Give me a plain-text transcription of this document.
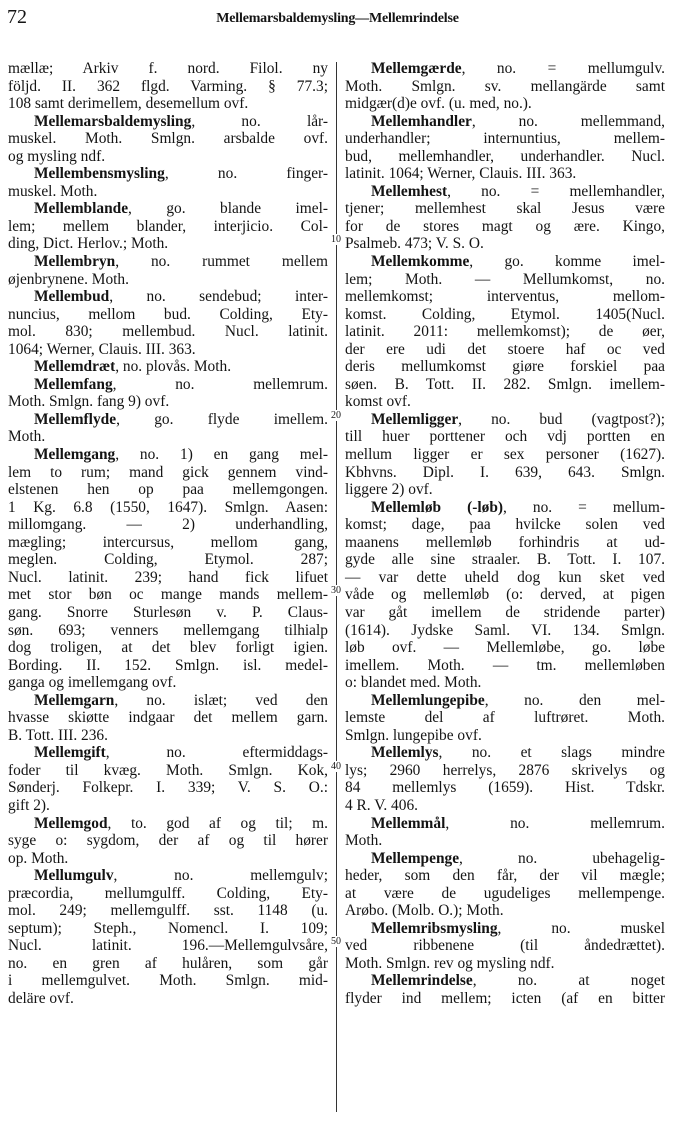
72	Mellemarsbaldemysling—Mellemrindelse
10
20
30
40
50
mællæ; Arkiv f. nord. Filol. ny
följd. II. 362 flgd. Varming. § 77.3;
108 samt derimellem, desemellum ovf.
Mellemarsbaldemysling, no. lår-
muskel. Moth. Smlgn. arsbalde ovf.
og mysling ndf.
Mellembensmysling, no. finger-
muskel. Moth.
Mellemblande, go. blande imel-
lem; mellem blander, interjicio. Col-
ding, Dict. Herlov.; Moth.
Mellembryn, no. rummet mellem
øjenbrynene. Moth.
Mellembud, no. sendebud; inter-
nuncius, mellom bud. Colding, Ety-
mol. 830; mellembud. Nucl. latinit.
1064; Werner, Clauis. III. 363.
Mellemdræt, no. plovås. Moth.
Mellemfang, no. mellemrum.
Moth. Smlgn. fang 9) ovf.
Mellemflyde, go. flyde imellem.
Moth.
Mellemgang, no. 1) en gang mel-
lem to rum; mand gick gennem vind-
elstenen hen op paa mellemgongen.
1 Kg. 6.8 (1550, 1647). Smlgn. Aasen:
millomgang. — 2) underhandling,
mægling; intercursus, mellom gang,
meglen. Colding, Etymol. 287;
Nucl. latinit. 239; hand fick lifuet
met stor bøn oc mange mands mellem-
gang. Snorre Sturlesøn v. P. Claus-
søn. 693; venners mellemgang tilhialp
dog troligen, at det blev forligt igien.
Bording. II. 152. Smlgn. isl. medel-
ganga og imellemgang ovf.
Mellemgarn, no. islæt; ved den
hvasse skiøtte indgaar det mellem garn.
B. Tott. III. 236.
Mellemgift, no. eftermiddags-
foder til kvæg. Moth. Smlgn. Kok,
Sønderj. Folkepr. I. 339; V. S. O.:
gift 2).
Mellemgod, to. god af og til; m.
syge o: sygdom, der af og til hører
op. Moth.
Mellumgulv, no. mellemgulv;
præcordia, mellumgulff. Colding, Ety-
mol. 249; mellemgulff. sst. 1148 (u.
septum); Steph., Nomencl. I. 109;
Nucl. latinit. 196.—Mellemgulvsåre,
no. en gren af hulåren, som går
i mellemgulvet. Moth. Smlgn. mid-
deläre ovf.
Mellemgærde, no. = mellumgulv.
Moth. Smlgn. sv. mellangärde samt
midgær(d)e ovf. (u. med, no.).
Mellemhandler, no. mellemmand,
underhandler; internuntius, mellem-
bud, mellemhandler, underhandler. Nucl.
latinit. 1064; Werner, Clauis. III. 363.
Mellemhest, no. = mellemhandler,
tjener; mellemhest skal Jesus være
for de stores magt og ære. Kingo,
Psalmeb. 473; V. S. O.
Mellemkomme, go. komme imel-
lem; Moth. — Mellumkomst, no.
mellemkomst; interventus, mellom-
komst. Colding, Etymol. 1405(Nucl.
latinit. 2011: mellemkomst); de øer,
der ere udi det stoere haf oc ved
deris mellumkomst giøre forskiel paa
søen. B. Tott. II. 282. Smlgn. imellem-
komst ovf.
Mellemligger, no. bud (vagtpost?);
till huer porttener och vdj portten en
mellum ligger er sex personer (1627).
Kbhvns. Dipl. I. 639, 643. Smlgn.
liggere 2) ovf.
Mellemløb (-løb), no. = mellum-
komst; dage, paa hvilcke solen ved
maanens mellemløb forhindris at ud-
gyde alle sine straaler. B. Tott. I. 107.
— var dette uheld dog kun sket ved
våde og mellemløb (o: derved, at pigen
var gåt imellem de stridende parter)
(1614). Jydske Saml. VI. 134. Smlgn.
løb ovf. — Mellemløbe, go. løbe
imellem. Moth. — tm. mellemløben
o: blandet med. Moth.
Mellemlungepibe, no. den mel-
lemste del af luftrøret. Moth.
Smlgn. lungepibe ovf.
Mellemlys, no. et slags mindre
lys; 2960 herrelys, 2876 skrivelys og
84 mellemlys (1659). Hist. Tdskr.
4 R. V. 406.
Mellemmål, no. mellemrum.
Moth.
Mellempenge, no. ubehagelig-
heder, som den får, der vil mægle;
at være de ugudeliges mellempenge.
Arøbo. (Molb. O.); Moth.
Mellemribsmysling, no. muskel
ved ribbenene (til åndedrættet).
Moth. Smlgn. rev og mysling ndf.
Mellemrindelse, no. at noget
flyder ind mellem; icten (af en bitter
